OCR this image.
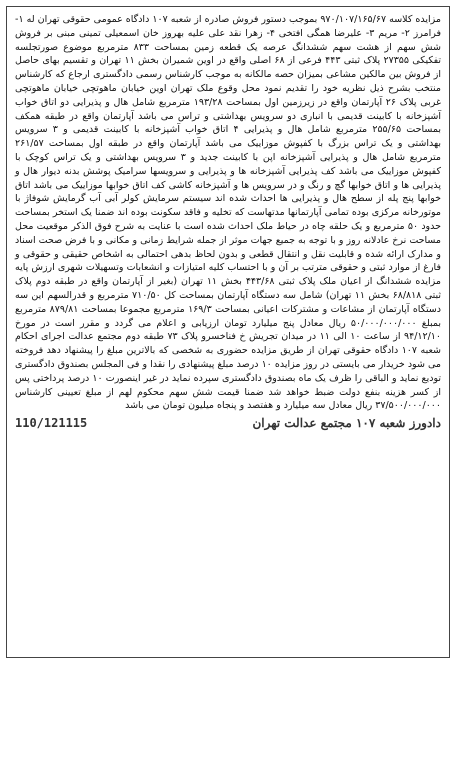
مزایده کلاسه ۹۷۰/۱۰۷/۱۶۵/۶۷ بموجب دستور فروش صادره از شعبه ۱۰۷ دادگاه عمومی حقوقی تهران له ۱- فرامرز ۲- مریم ۳- علیرضا همگی افتخی ۴- زهرا نقد علی علیه بهروز خان اسمعیلی تمینی مبنی بر فروش شش سهم از هشت سهم ششدانگ عرصه یک قطعه زمین بمساحت ۸۳۳ مترمربع موضوع صورتجلسه تفکیکی ۲۷۳۵۵ پلاک ثبتی ۴۴۳ فرعی از ۶۸ اصلی واقع در اوین شمیران بخش ۱۱ تهران و تقسیم بهای حاصل از فروش بین مالکین مشاعی بمیزان حصه مالکانه به موجب کارشناس رسمی دادگستری ارجاع که کارشناس منتخب بشرح ذیل نظریه خود را تقدیم نمود محل وقوع ملک تهران اوین خیابان ماهوتچی خیابان ماهوتچی غربی پلاک ۲۶ آپارتمان واقع در زیرزمین اول بمساحت ۱۹۳/۲۸ مترمربع شامل هال و پذیرایی دو اتاق خواب آشپزخانه با کابینت قدیمی با انباری دو سرویس بهداشتی و تراس می باشد آپارتمان واقع در طبقه همکف بمساحت ۲۵۵/۶۵ مترمربع شامل هال و پذیرایی ۴ اتاق خواب آشپزخانه با کابینت قدیمی و ۳ سرویس بهداشتی و یک تراس بزرگ با کفپوش موزاییک می باشد آپارتمان واقع در طبقه اول بمساحت ۲۶۱/۵۷ مترمربع شامل هال و پذیرایی آشپزخانه اپن با کابینت جدید و ۳ سرویس بهداشتی و یک تراس کوچک با کفپوش موزاییک می باشد کف پذیرایی آشپزخانه ها و پذیرایی و سرویسها سرامیک پوشش بدنه دیوار هال و پذیرایی ها و اتاق خوابها گچ و رنگ و در سرویس ها و آشپزخانه کاشی کف اتاق خوابها موزاییک می باشد اتاق خوابها پنج پله از سطح هال و پذیرایی ها احداث شده اند سیستم سرمایش کولر آبی آب گرمایش شوفاژ با موتورخانه مرکزی بوده تمامی آپارتمانها مدتهاست که تخلیه و فاقد سکونت بوده اند ضمنا یک استخر بمساحت حدود ۵۰ مترمربع و یک حلقه چاه در حیاط ملک احداث شده است با عنایت به شرح فوق الذکر موقعیت محل مساحت نرخ عادلانه روز و با توجه به جمیع جهات موثر از جمله شرایط زمانی و مکانی و با فرض صحت اسناد و مدارک ارائه شده و قابلیت نقل و انتقال قطعی و بدون لحاظ بدهی احتمالی به اشخاص حقیقی و حقوقی و فارغ از موارد ثبتی و حقوقی مترتب بر آن و با احتساب کلیه امتیازات و انشعابات وتسهیلات شهری ارزش پایه مزایده ششدانگ از اعیان ملک پلاک ثبتی ۴۴۳/۶۸ بخش ۱۱ تهران (بغیر از آپارتمان واقع در طبقه دوم پلاک ثبتی ۶۸/۸۱۸ بخش ۱۱ تهران) شامل سه دستگاه آپارتمان بمساحت کل ۷۱۰/۵۰ مترمربع و قدرالسهم این سه دستگاه آپارتمان از مشاعات و مشترکات اعیانی بمساحت ۱۶۹/۳ مترمربع مجموعا بمساحت ۸۷۹/۸۱ مترمربع بمبلغ ۵۰/۰۰۰/۰۰۰/۰۰۰ ریال معادل پنج میلیارد تومان ارزیابی و اعلام می گردد و مقرر است در مورخ ۹۴/۱۲/۱۰ از ساعت ۱۰ الی ۱۱ در میدان تجریش خ فناخسرو پلاک ۷۳ طبقه دوم مجتمع عدالت اجرای احکام شعبه ۱۰۷ دادگاه حقوقی تهران از طریق مزایده حضوری به شخصی که بالاترین مبلغ را پیشنهاد دهد فروخته می شود خریدار می بایستی در روز مزایده ۱۰ درصد مبلغ پیشنهادی را نقدا و فی المجلس بصندوق دادگستری تودیع نماید و الباقی را ظرف یک ماه بصندوق دادگستری سپرده نماید در غیر اینصورت ۱۰ درصد پرداختی پس از کسر هزینه بنفع دولت ضبط خواهد شد ضمنا قیمت شش سهم محکوم لهم از مبلغ تعیینی کارشناس ۳۷/۵۰۰/۰۰۰/۰۰۰ ریال معادل سه میلیارد و هفتصد و پنجاه میلیون تومان می باشد

دادورز شعبه ۱۰۷ مجتمع عدالت تهران
110/121115
